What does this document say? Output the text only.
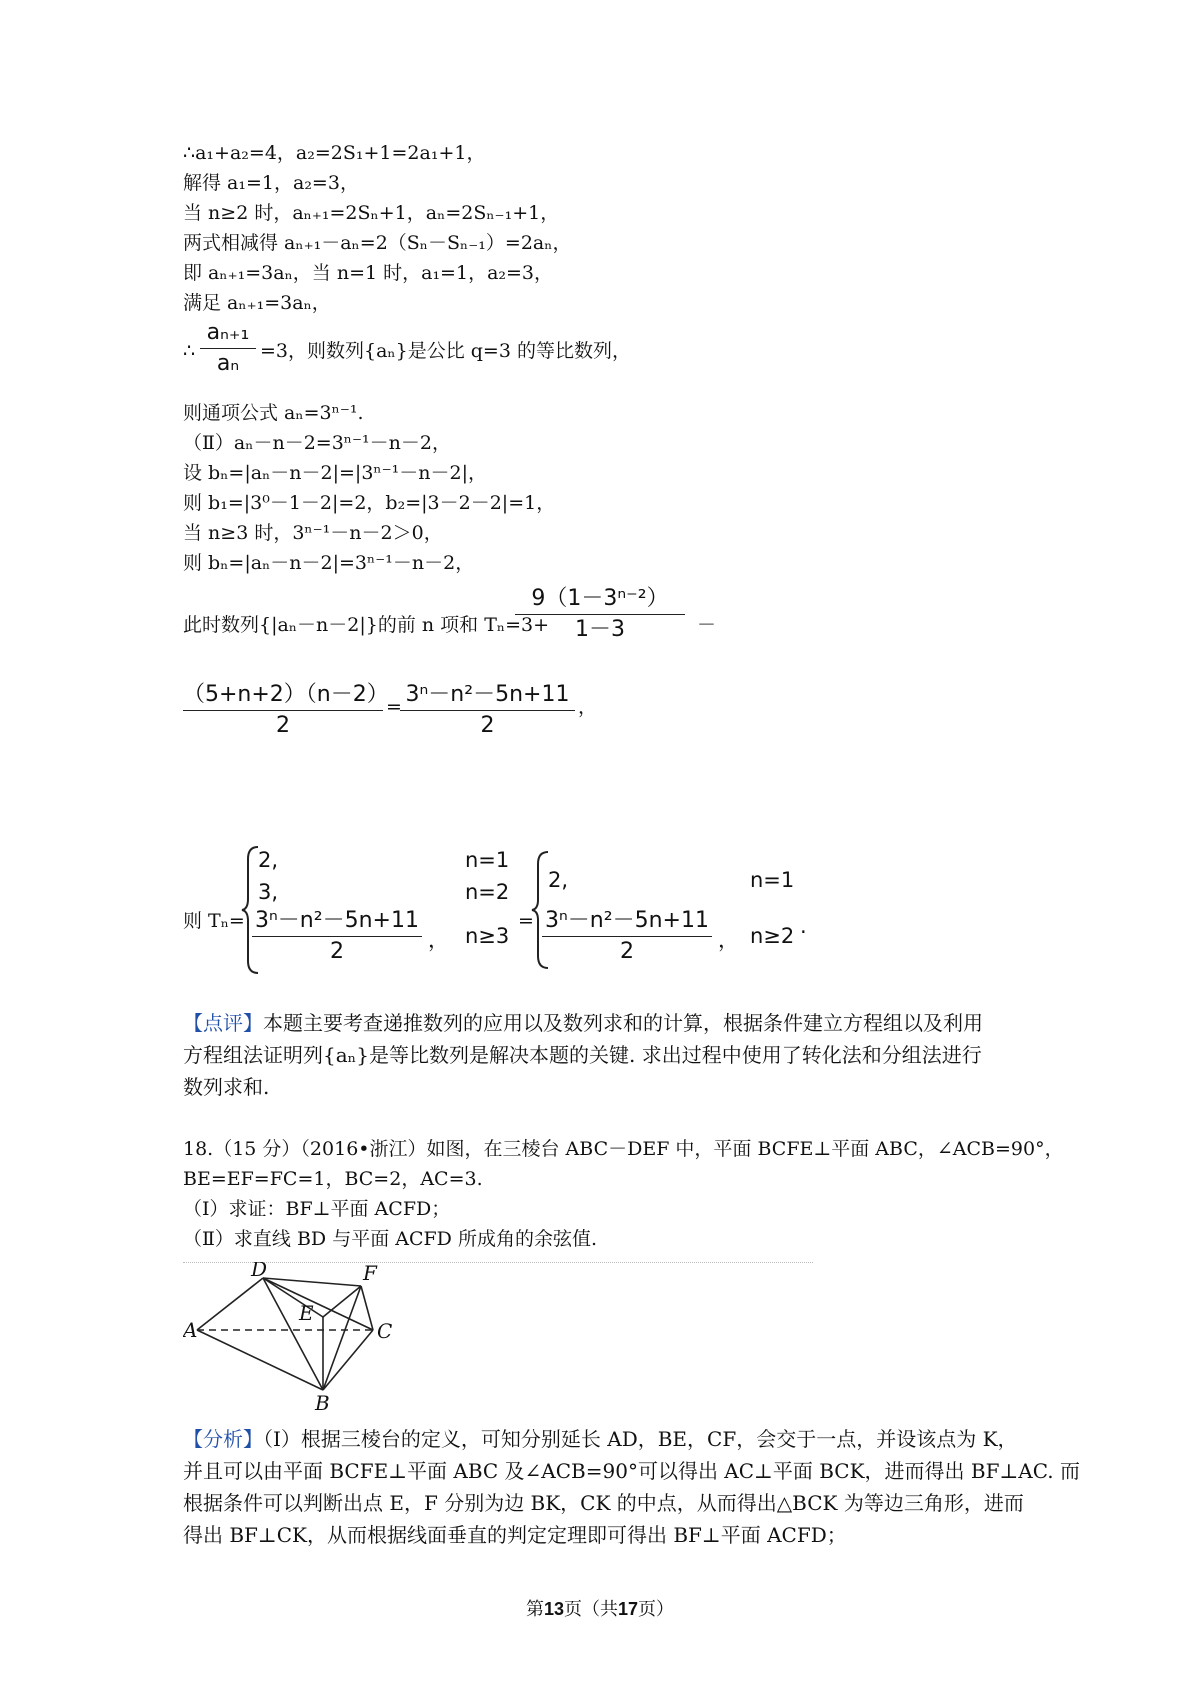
∴a₁+a₂=4，a₂=2S₁+1=2a₁+1，
解得 a₁=1，a₂=3，
当 n≥2 时，aₙ₊₁=2Sₙ+1，aₙ=2Sₙ₋₁+1，
两式相减得 aₙ₊₁－aₙ=2（Sₙ－Sₙ₋₁）=2aₙ，
即 aₙ₊₁=3aₙ，当 n=1 时，a₁=1，a₂=3，
满足 aₙ₊₁=3aₙ，
∴
aₙ₊₁
aₙ	=3，则数列{aₙ}是公比 q=3 的等比数列，
则通项公式 aₙ=3ⁿ⁻¹.
（Ⅱ）aₙ－n－2=3ⁿ⁻¹－n－2，
设 bₙ=|aₙ－n－2|=|3ⁿ⁻¹－n－2|，
则 b₁=|3⁰－1－2|=2，b₂=|3－2－2|=1，
当 n≥3 时，3ⁿ⁻¹－n－2＞0，
则 bₙ=|aₙ－n－2|=3ⁿ⁻¹－n－2，
此时数列{|aₙ－n－2|}的前 n 项和 Tₙ=3+
9（1－3ⁿ⁻²）
1－3	－
（5+n+2）（n－2）
2
= 3ⁿ－n²－5n+11
2
，
则 Tₙ=
2,	n=1
3,	n=2
3ⁿ－n²－5n+11
2	， n≥3
=
2,	n=1
3ⁿ－n²－5n+11
2	， n≥2 .
【点评】本题主要考查递推数列的应用以及数列求和的计算，根据条件建立方程组以及利用
方程组法证明列{aₙ}是等比数列是解决本题的关键. 求出过程中使用了转化法和分组法进行
数列求和.
18.（15 分）（2016•浙江）如图，在三棱台 ABC－DEF 中，平面 BCFE⊥平面 ABC，∠ACB=90°，
BE=EF=FC=1，BC=2，AC=3.
（Ⅰ）求证：BF⊥平面 ACFD；
（Ⅱ）求直线 BD 与平面 ACFD 所成角的余弦值.
A
B
C
D
E
F
【分析】（Ⅰ）根据三棱台的定义，可知分别延长 AD，BE，CF，会交于一点，并设该点为 K，
并且可以由平面 BCFE⊥平面 ABC 及∠ACB=90°可以得出 AC⊥平面 BCK，进而得出 BF⊥AC. 而
根据条件可以判断出点 E，F 分别为边 BK，CK 的中点，从而得出△BCK 为等边三角形，进而
得出 BF⊥CK，从而根据线面垂直的判定定理即可得出 BF⊥平面 ACFD；
第13页（共17页）
